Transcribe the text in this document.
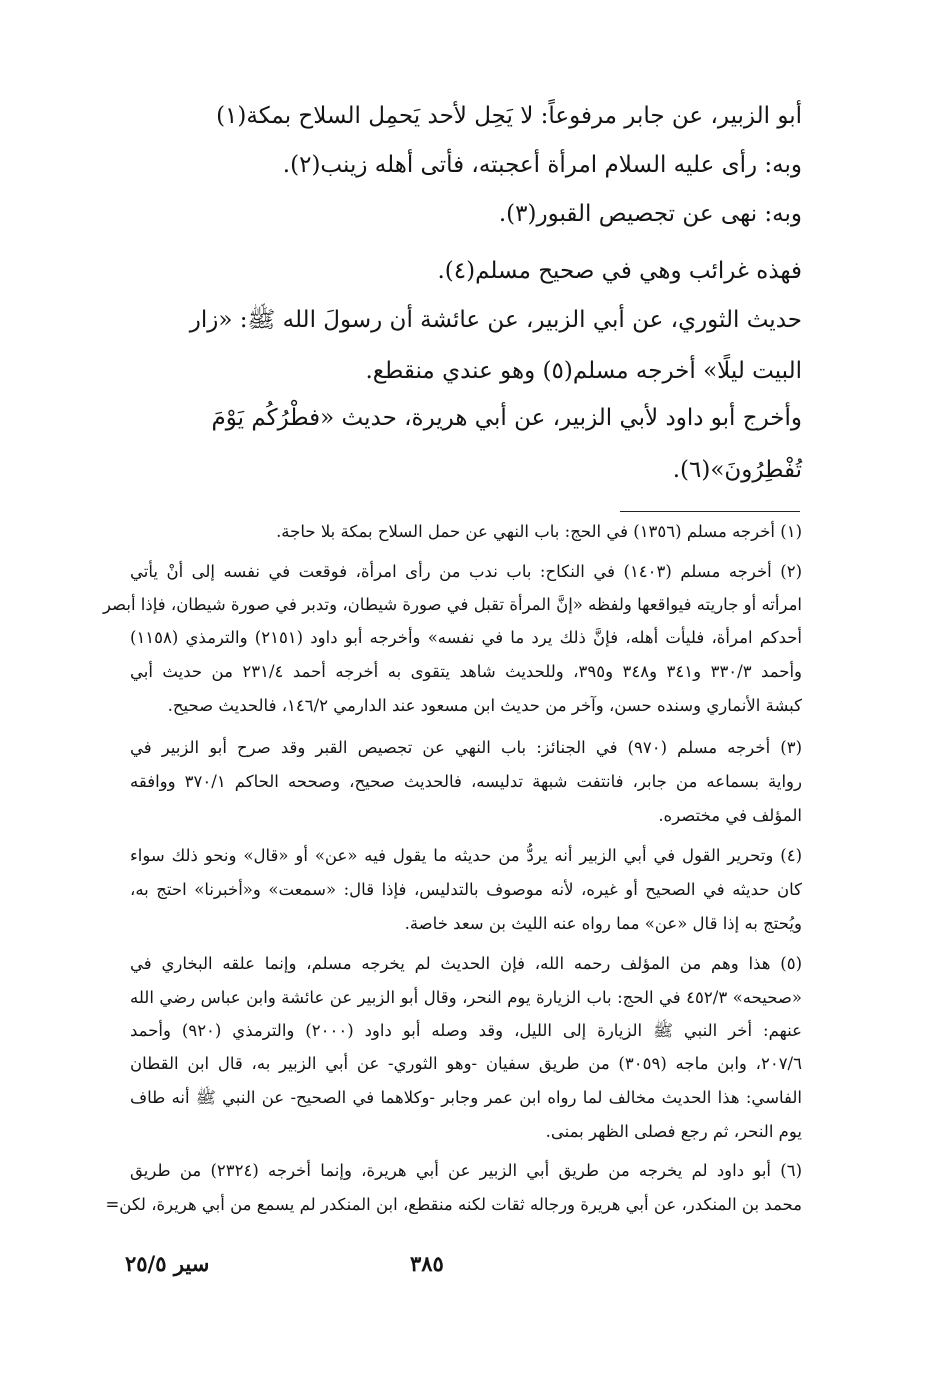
أبو الزبير، عن جابر مرفوعاً: لا يَحِل لأحد يَحمِل السلاح بمكة(١)
وبه: رأى عليه السلام امرأة أعجبته، فأتى أهله زينب(٢).
وبه: نهى عن تجصيص القبور(٣).
فهذه غرائب وهي في صحيح مسلم(٤).
حديث الثوري، عن أبي الزبير، عن عائشة أن رسولَ الله ﷺ: «زار
البيت ليلًا» أخرجه مسلم(٥) وهو عندي منقطع.
وأخرج أبو داود لأبي الزبير، عن أبي هريرة، حديث «فطْرُكُم يَوْمَ
تُفْطِرُونَ»(٦).
(١) أخرجه مسلم (١٣٥٦) في الحج: باب النهي عن حمل السلاح بمكة بلا حاجة.
(٢) أخرجه مسلم (١٤٠٣) في النكاح: باب ندب من رأى امرأة، فوقعت في نفسه إلى أنْ يأتي
امرأته أو جاريته فيواقعها ولفظه «إنَّ المرأة تقبل في صورة شيطان، وتدبر في صورة شيطان، فإذا أبصر
أحدكم امرأة، فليأت أهله، فإنَّ ذلك يرد ما في نفسه» وأخرجه أبو داود (٢١٥١) والترمذي (١١٥٨)
وأحمد ٣٣٠/٣ و٣٤١ و٣٤٨ و٣٩٥، وللحديث شاهد يتقوى به أخرجه أحمد ٢٣١/٤ من حديث أبي
كبشة الأنماري وسنده حسن، وآخر من حديث ابن مسعود عند الدارمي ١٤٦/٢، فالحديث صحيح.
(٣) أخرجه مسلم (٩٧٠) في الجنائز: باب النهي عن تجصيص القبر وقد صرح أبو الزبير في
رواية بسماعه من جابر، فانتفت شبهة تدليسه، فالحديث صحيح، وصححه الحاكم ٣٧٠/١ ووافقه
المؤلف في مختصره.
(٤) وتحرير القول في أبي الزبير أنه يردُّ من حديثه ما يقول فيه «عن» أو «قال» ونحو ذلك سواء
كان حديثه في الصحيح أو غيره، لأنه موصوف بالتدليس، فإذا قال: «سمعت» و«أخبرنا» احتج به،
ويُحتج به إذا قال «عن» مما رواه عنه الليث بن سعد خاصة.
(٥) هذا وهم من المؤلف رحمه الله، فإن الحديث لم يخرجه مسلم، وإنما علقه البخاري في
«صحيحه» ٤٥٢/٣ في الحج: باب الزيارة يوم النحر، وقال أبو الزبير عن عائشة وابن عباس رضي الله
عنهم: أخر النبي ﷺ الزيارة إلى الليل، وقد وصله أبو داود (٢٠٠٠) والترمذي (٩٢٠) وأحمد
٢٠٧/٦، وابن ماجه (٣٠٥٩) من طريق سفيان -وهو الثوري- عن أبي الزبير به، قال ابن القطان
الفاسي: هذا الحديث مخالف لما رواه ابن عمر وجابر -وكلاهما في الصحيح- عن النبي ﷺ أنه طاف
يوم النحر، ثم رجع فصلى الظهر بمنى.
(٦) أبو داود لم يخرجه من طريق أبي الزبير عن أبي هريرة، وإنما أخرجه (٢٣٢٤) من طريق
محمد بن المنكدر، عن أبي هريرة ورجاله ثقات لكنه منقطع، ابن المنكدر لم يسمع من أبي هريرة، لكن=
٣٨٥
سير ٢٥/٥
